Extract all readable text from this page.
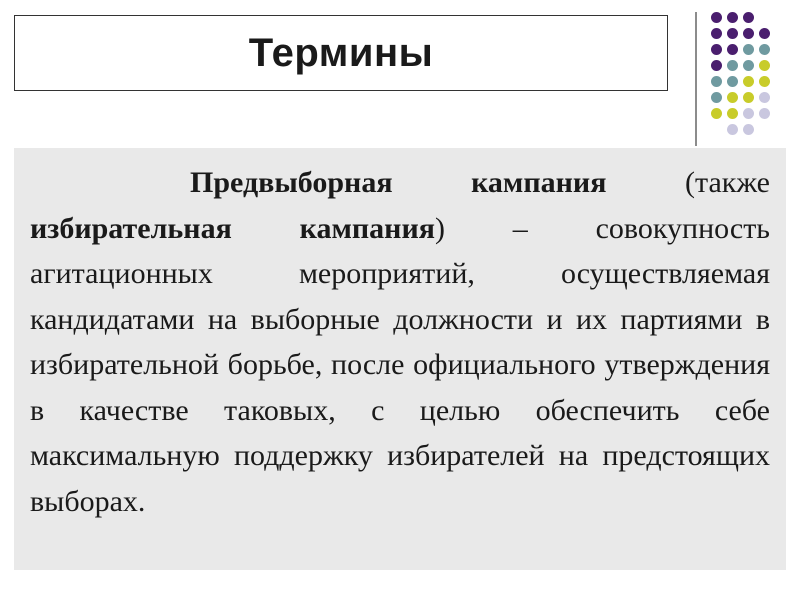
Термины

Предвыборная кампания (также избирательная кампания) – совокупность агитационных мероприятий, осуществляемая кандидатами на выборные должности и их партиями в избирательной борьбе, после официального утверждения в качестве таковых, с целью обеспечить себе максимальную поддержку избирателей на предстоящих выборах.
